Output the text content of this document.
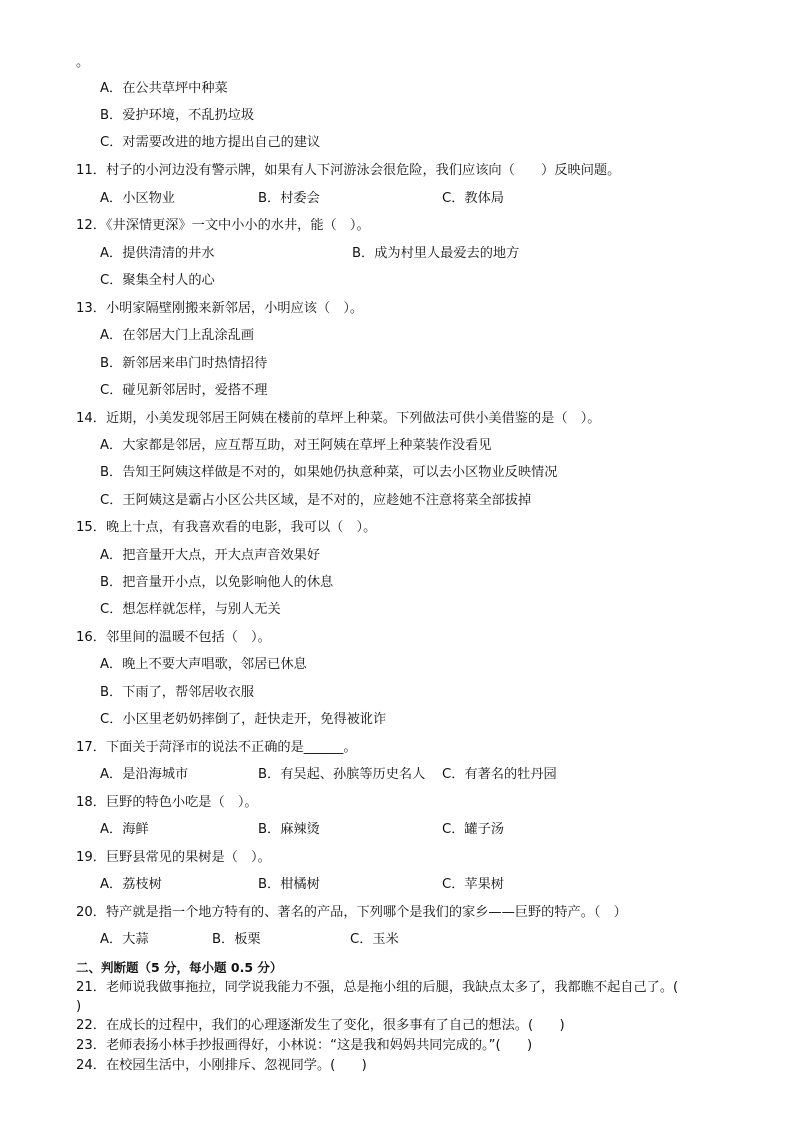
。
A．在公共草坪中种菜
B．爱护环境，不乱扔垃圾
C．对需要改进的地方提出自己的建议
11．村子的小河边没有警示牌，如果有人下河游泳会很危险，我们应该向（　　）反映问题。
A．小区物业	B．村委会	C．教体局
12．《井深情更深》一文中小小的水井，能（　）。
A．提供清清的井水	B．成为村里人最爱去的地方
C．聚集全村人的心
13．小明家隔壁刚搬来新邻居，小明应该（　）。
A．在邻居大门上乱涂乱画
B．新邻居来串门时热情招待
C．碰见新邻居时，爱搭不理
14．近期，小美发现邻居王阿姨在楼前的草坪上种菜。下列做法可供小美借鉴的是（　）。
A．大家都是邻居，应互帮互助，对王阿姨在草坪上种菜装作没看见
B．告知王阿姨这样做是不对的，如果她仍执意种菜，可以去小区物业反映情况
C．王阿姨这是霸占小区公共区域，是不对的，应趁她不注意将菜全部拔掉
15．晚上十点，有我喜欢看的电影，我可以（　）。
A．把音量开大点，开大点声音效果好
B．把音量开小点，以免影响他人的休息
C．想怎样就怎样，与别人无关
16．邻里间的温暖不包括（　）。
A．晚上不要大声唱歌，邻居已休息
B．下雨了，帮邻居收衣服
C．小区里老奶奶摔倒了，赶快走开，免得被讹诈
17．下面关于菏泽市的说法不正确的是______。
A．是沿海城市	B．有吴起、孙膑等历史名人 C．有著名的牡丹园
18．巨野的特色小吃是（　）。
A．海鲜	B．麻辣烫	C．罐子汤
19．巨野县常见的果树是（　）。
A．荔枝树	B．柑橘树	C．苹果树
20．特产就是指一个地方特有的、著名的产品，下列哪个是我们的家乡——巨野的特产。（　）
A．大蒜	B．板栗	C．玉米
二、判断题（5 分，每小题 0.5 分）
21．老师说我做事拖拉，同学说我能力不强，总是拖小组的后腿，我缺点太多了，我都瞧不起自己了。(
)
22．在成长的过程中，我们的心理逐渐发生了变化，很多事有了自己的想法。(　　)
23．老师表扬小林手抄报画得好，小林说：“这是我和妈妈共同完成的。”(　　)
24．在校园生活中，小刚排斥、忽视同学。(　　)
